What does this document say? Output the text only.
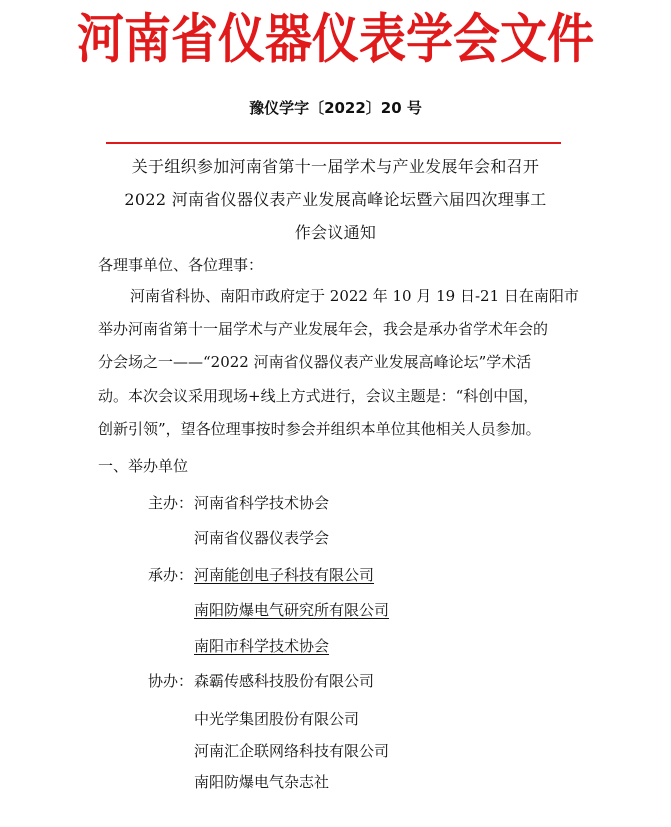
河南省仪器仪表学会文件
豫仪学字〔2022〕20 号
关于组织参加河南省第十一届学术与产业发展年会和召开
2022 河南省仪器仪表产业发展高峰论坛暨六届四次理事工
作会议通知
各理事单位、各位理事：
河南省科协、南阳市政府定于 2022 年 10 月 19 日-21 日在南阳市
举办河南省第十一届学术与产业发展年会，我会是承办省学术年会的
分会场之一——“2022 河南省仪器仪表产业发展高峰论坛”学术活
动。本次会议采用现场+线上方式进行，会议主题是：“科创中国，
创新引领”，望各位理事按时参会并组织本单位其他相关人员参加。
一、举办单位
主办： 河南省科学技术协会
河南省仪器仪表学会
承办： 河南能创电子科技有限公司
南阳防爆电气研究所有限公司
南阳市科学技术协会
协办： 森霸传感科技股份有限公司
中光学集团股份有限公司
河南汇企联网络科技有限公司
南阳防爆电气杂志社
